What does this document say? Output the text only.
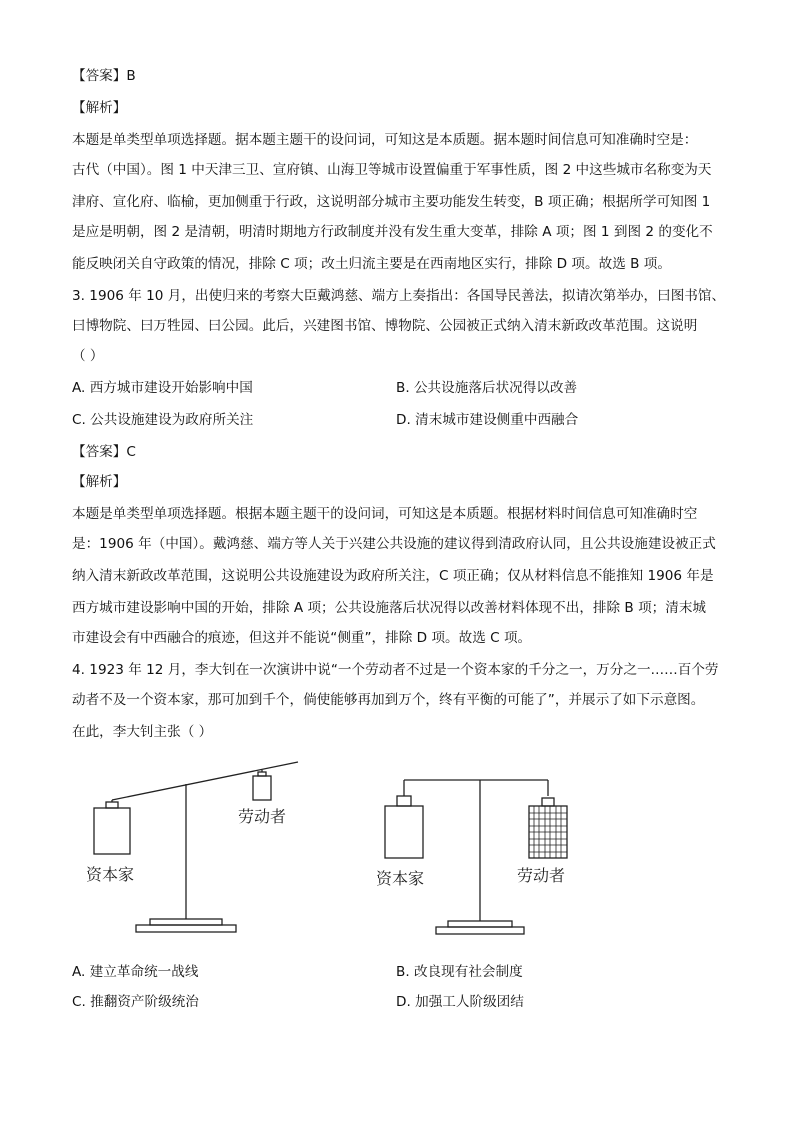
【答案】B
【解析】
本题是单类型单项选择题。据本题主题干的设问词，可知这是本质题。据本题时间信息可知准确时空是：
古代（中国）。图 1 中天津三卫、宣府镇、山海卫等城市设置偏重于军事性质，图 2 中这些城市名称变为天
津府、宣化府、临榆，更加侧重于行政，这说明部分城市主要功能发生转变，B 项正确；根据所学可知图 1
是应是明朝，图 2 是清朝，明清时期地方行政制度并没有发生重大变革，排除 A 项；图 1 到图 2 的变化不
能反映闭关自守政策的情况，排除 C 项；改土归流主要是在西南地区实行，排除 D 项。故选 B 项。
3. 1906 年 10 月，出使归来的考察大臣戴鸿慈、端方上奏指出：各国导民善法，拟请次第举办，曰图书馆、
曰博物院、曰万牲园、曰公园。此后，兴建图书馆、博物院、公园被正式纳入清末新政改革范围。这说明
（ ）
A. 西方城市建设开始影响中国	B. 公共设施落后状况得以改善
C. 公共设施建设为政府所关注	D. 清末城市建设侧重中西融合
【答案】C
【解析】
本题是单类型单项选择题。根据本题主题干的设问词，可知这是本质题。根据材料时间信息可知准确时空
是：1906 年（中国）。戴鸿慈、端方等人关于兴建公共设施的建议得到清政府认同，且公共设施建设被正式
纳入清末新政改革范围，这说明公共设施建设为政府所关注，C 项正确；仅从材料信息不能推知 1906 年是
西方城市建设影响中国的开始，排除 A 项；公共设施落后状况得以改善材料体现不出，排除 B 项；清末城
市建设会有中西融合的痕迹，但这并不能说“侧重”，排除 D 项。故选 C 项。
4. 1923 年 12 月，李大钊在一次演讲中说“一个劳动者不过是一个资本家的千分之一，万分之一……百个劳
动者不及一个资本家，那可加到千个，倘使能够再加到万个，终有平衡的可能了”，并展示了如下示意图。
在此，李大钊主张（ ）
资本家
劳动者
资本家	劳动者
A. 建立革命统一战线	B. 改良现有社会制度
C. 推翻资产阶级统治	D. 加强工人阶级团结
